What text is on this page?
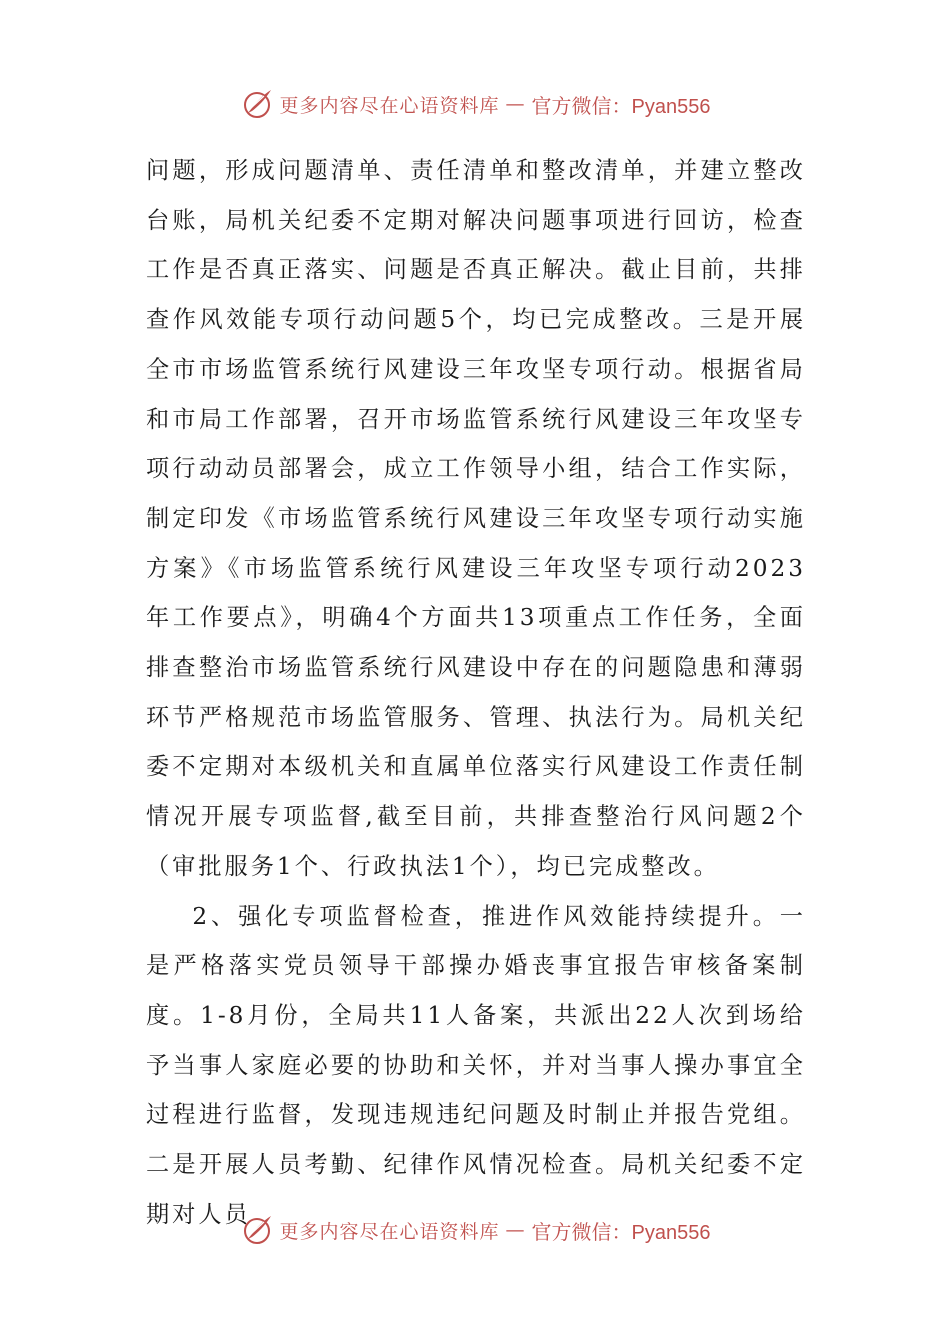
更多内容尽在心语资料库 — 官方微信：Pyan556

问题，形成问题清单、责任清单和整改清单，并建立整改台账，局机关纪委不定期对解决问题事项进行回访，检查工作是否真正落实、问题是否真正解决。截止目前，共排查作风效能专项行动问题5个，均已完成整改。三是开展全市市场监管系统行风建设三年攻坚专项行动。根据省局和市局工作部署，召开市场监管系统行风建设三年攻坚专项行动动员部署会，成立工作领导小组，结合工作实际，制定印发《市场监管系统行风建设三年攻坚专项行动实施方案》《市场监管系统行风建设三年攻坚专项行动2023年工作要点》，明确4个方面共13项重点工作任务，全面排查整治市场监管系统行风建设中存在的问题隐患和薄弱环节严格规范市场监管服务、管理、执法行为。局机关纪委不定期对本级机关和直属单位落实行风建设工作责任制情况开展专项监督,截至目前，共排查整治行风问题2个（审批服务1个、行政执法1个），均已完成整改。

2、强化专项监督检查，推进作风效能持续提升。一是严格落实党员领导干部操办婚丧事宜报告审核备案制度。1-8月份，全局共11人备案，共派出22人次到场给予当事人家庭必要的协助和关怀，并对当事人操办事宜全过程进行监督，发现违规违纪问题及时制止并报告党组。二是开展人员考勤、纪律作风情况检查。局机关纪委不定期对人员

更多内容尽在心语资料库 — 官方微信：Pyan556
